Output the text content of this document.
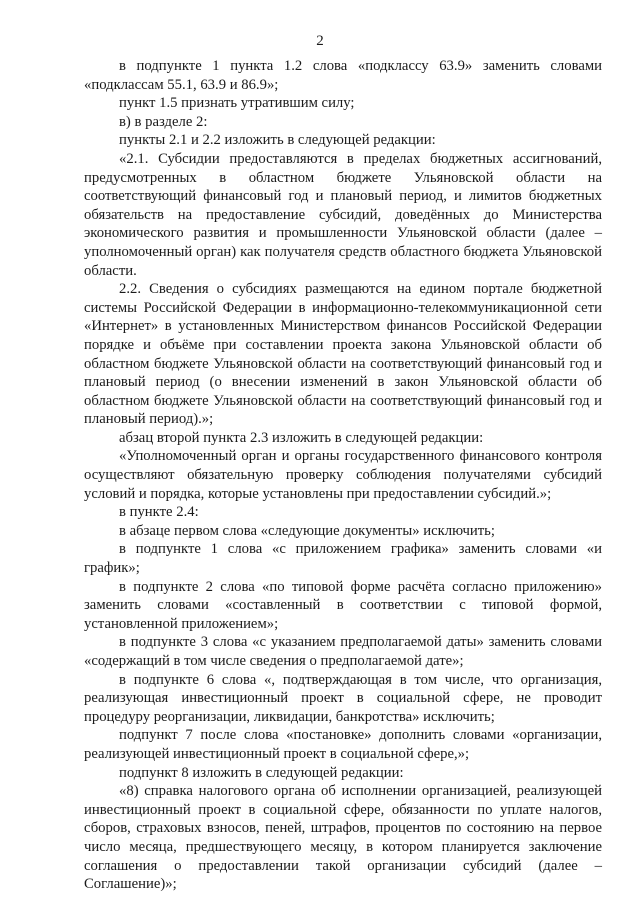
2

в подпункте 1 пункта 1.2 слова «подклассу 63.9» заменить словами «подклассам 55.1, 63.9 и 86.9»;

пункт 1.5 признать утратившим силу;

в) в разделе 2:

пункты 2.1 и 2.2 изложить в следующей редакции:

«2.1. Субсидии предоставляются в пределах бюджетных ассигнований, предусмотренных в областном бюджете Ульяновской области на соответствующий финансовый год и плановый период, и лимитов бюджетных обязательств на предоставление субсидий, доведённых до Министерства экономического развития и промышленности Ульяновской области (далее – уполномоченный орган) как получателя средств областного бюджета Ульяновской области.

2.2. Сведения о субсидиях размещаются на едином портале бюджетной системы Российской Федерации в информационно-телекоммуникационной сети «Интернет» в установленных Министерством финансов Российской Федерации порядке и объёме при составлении проекта закона Ульяновской области об областном бюджете Ульяновской области на соответствующий финансовый год и плановый период (о внесении изменений в закон Ульяновской области об областном бюджете Ульяновской области на соответствующий финансовый год и плановый период).»;

абзац второй пункта 2.3 изложить в следующей редакции:

«Уполномоченный орган и органы государственного финансового контроля осуществляют обязательную проверку соблюдения получателями субсидий условий и порядка, которые установлены при предоставлении субсидий.»;

в пункте 2.4:

в абзаце первом слова «следующие документы» исключить;

в подпункте 1 слова «с приложением графика» заменить словами «и график»;

в подпункте 2 слова «по типовой форме расчёта согласно приложению» заменить словами «составленный в соответствии с типовой формой, установленной приложением»;

в подпункте 3 слова «с указанием предполагаемой даты» заменить словами «содержащий в том числе сведения о предполагаемой дате»;

в подпункте 6 слова «, подтверждающая в том числе, что организация, реализующая инвестиционный проект в социальной сфере, не проводит процедуру реорганизации, ликвидации, банкротства» исключить;

подпункт 7 после слова «постановке» дополнить словами «организации, реализующей инвестиционный проект в социальной сфере,»;

подпункт 8 изложить в следующей редакции:

«8) справка налогового органа об исполнении организацией, реализующей инвестиционный проект в социальной сфере, обязанности по уплате налогов, сборов, страховых взносов, пеней, штрафов, процентов по состоянию на первое число месяца, предшествующего месяцу, в котором планируется заключение соглашения о предоставлении такой организации субсидий (далее – Соглашение)»;
